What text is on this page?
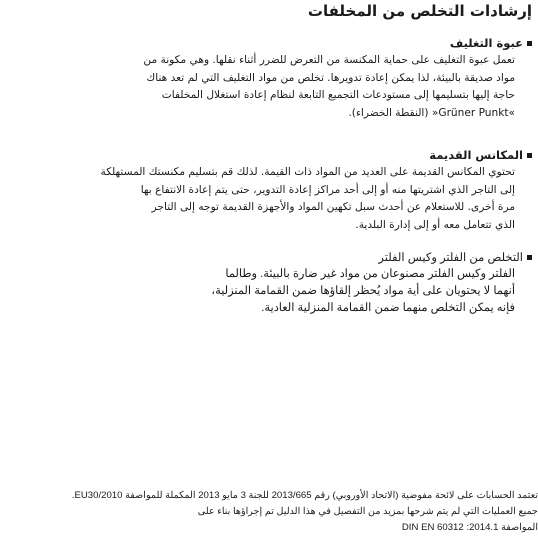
إرشادات التخلص من المخلفات
عبوة التغليف

تعمل عبوة التغليف على حماية المكنسة من التعرض للضرر أثناء نقلها. وهي مكونة من
مواد صديقة بالبيئة، لذا يمكن إعادة تدويرها. تخلص من مواد التغليف التي لم تعد هناك
حاجة إليها بتسليمها إلى مستودعات التجميع التابعة لنظام إعادة استغلال المخلفات
»Grüner Punkt« (النقطة الخضراء).

المكانس القديمة

تحتوي المكانس القديمة على العديد من المواد ذات القيمة. لذلك قم بتسليم مكنستك المستهلكة
إلى التاجر الذي اشتريتها منه أو إلى أحد مراكز إعادة التدوير، حتى يتم إعادة الانتفاع بها
مرة أخرى. للاستعلام عن أحدث سبل تكهين المواد والأجهزة القديمة توجه إلى التاجر
الذي تتعامل معه أو إلى إدارة البلدية.

التخلص من الفلتر وكيس الفلتر

الفلتر وكيس الفلتر مصنوعان من مواد غير ضارة بالبيئة. وطالما
أنهما لا يحتويان على أية مواد يُحظر إلقاؤها ضمن القمامة المنزلية،
فإنه يمكن التخلص منهما ضمن القمامة المنزلية العادية.

تعتمد الحسابات على لائحة مفوضية (الاتحاد الأوروبي) رقم 2013/665 للجنة 3 مايو 2013 المكملة للمواصفة EU30/2010.
جميع العمليات التي لم يتم شرحها بمزيد من التفصيل في هذا الدليل تم إجراؤها بناء على
المواصفة DIN EN 60312 :2014.1
